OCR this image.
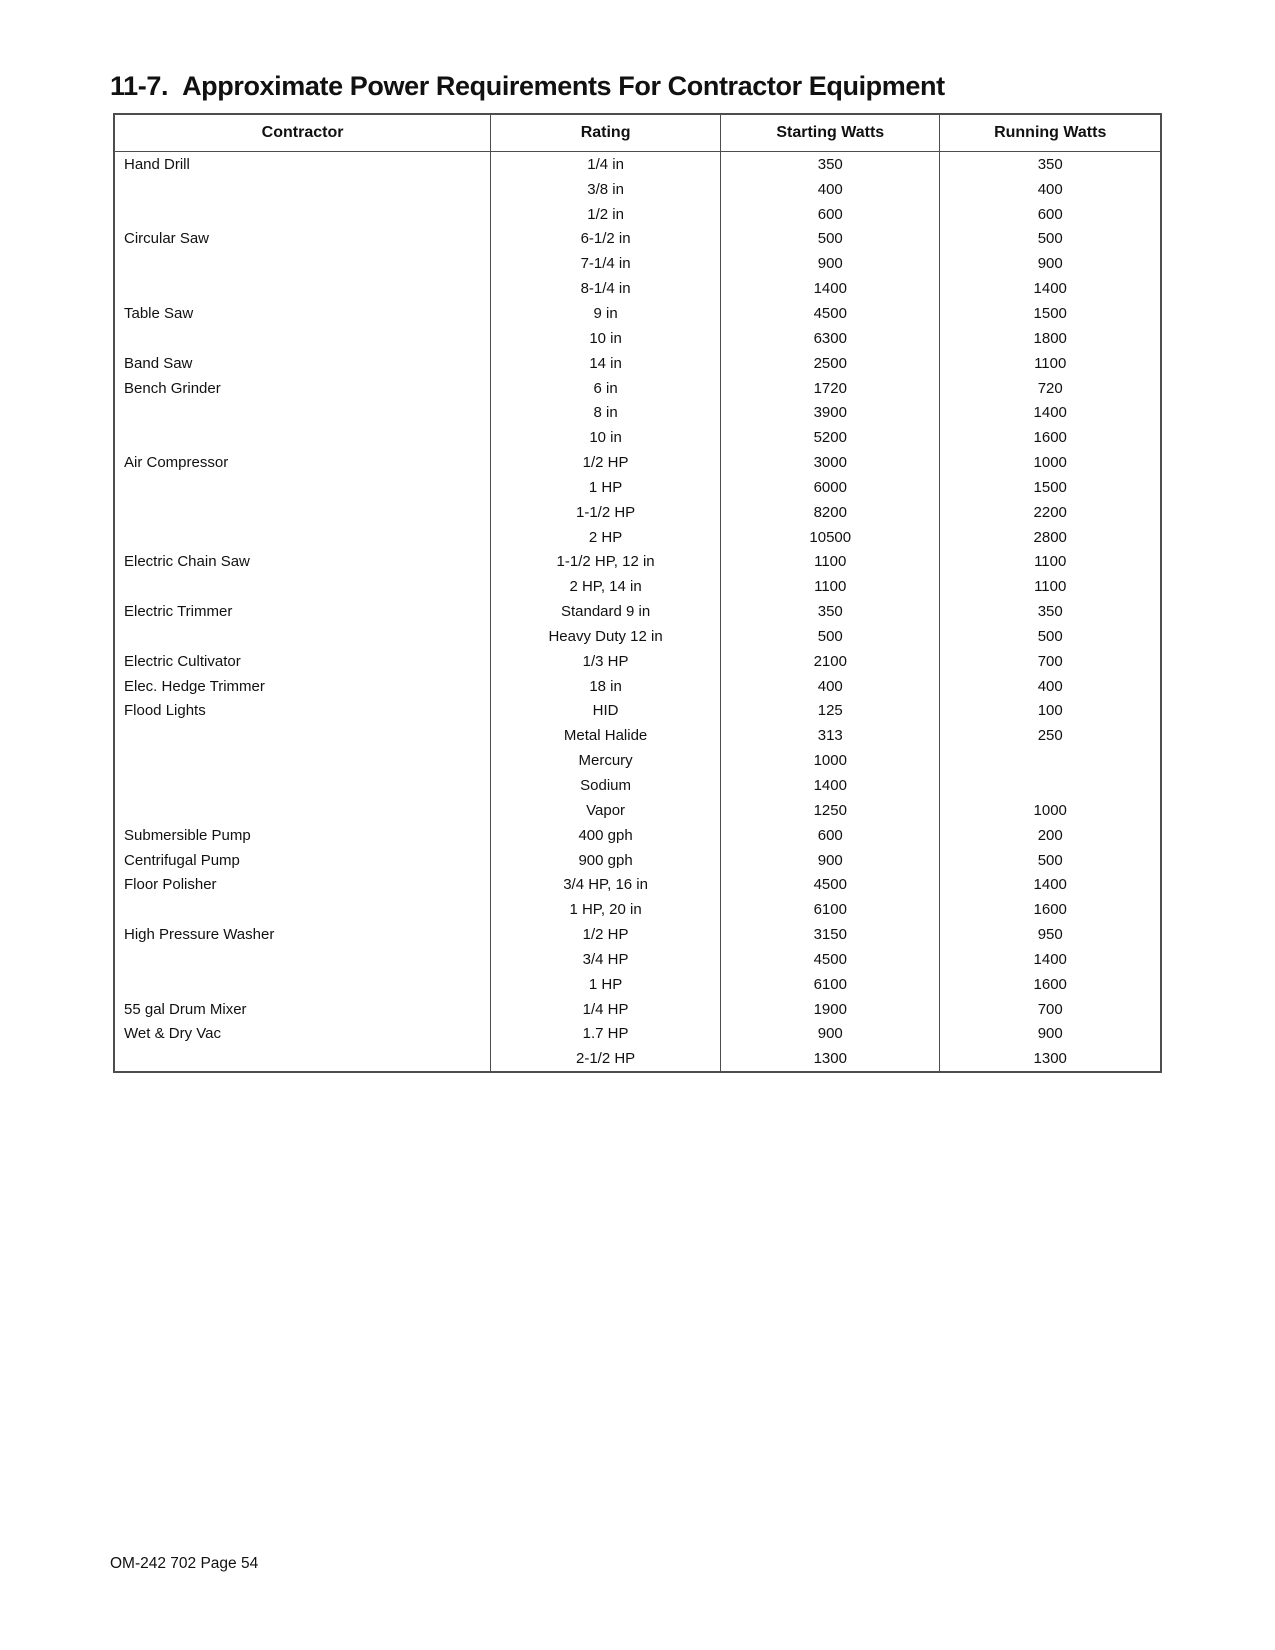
11-7. Approximate Power Requirements For Contractor Equipment
Contractor	Rating	Starting Watts	Running Watts
Hand Drill	1/4 in	350	350
3/8 in	400	400
1/2 in	600	600
Circular Saw	6-1/2 in	500	500
7-1/4 in	900	900
8-1/4 in	1400	1400
Table Saw	9 in	4500	1500
10 in	6300	1800
Band Saw	14 in	2500	1100
Bench Grinder	6 in	1720	720
8 in	3900	1400
10 in	5200	1600
Air Compressor	1/2 HP	3000	1000
1 HP	6000	1500
1-1/2 HP	8200	2200
2 HP	10500	2800
Electric Chain Saw	1-1/2 HP, 12 in	1100	1100
2 HP, 14 in	1100	1100
Electric Trimmer	Standard 9 in	350	350
Heavy Duty 12 in	500	500
Electric Cultivator	1/3 HP	2100	700
Elec. Hedge Trimmer	18 in	400	400
Flood Lights	HID	125	100
Metal Halide	313	250
Mercury	1000
Sodium	1400
Vapor	1250	1000
Submersible Pump	400 gph	600	200
Centrifugal Pump	900 gph	900	500
Floor Polisher	3/4 HP, 16 in	4500	1400
1 HP, 20 in	6100	1600
High Pressure Washer	1/2 HP	3150	950
3/4 HP	4500	1400
1 HP	6100	1600
55 gal Drum Mixer	1/4 HP	1900	700
Wet & Dry Vac	1.7 HP	900	900
2-1/2 HP	1300	1300
OM-242 702 Page 54
